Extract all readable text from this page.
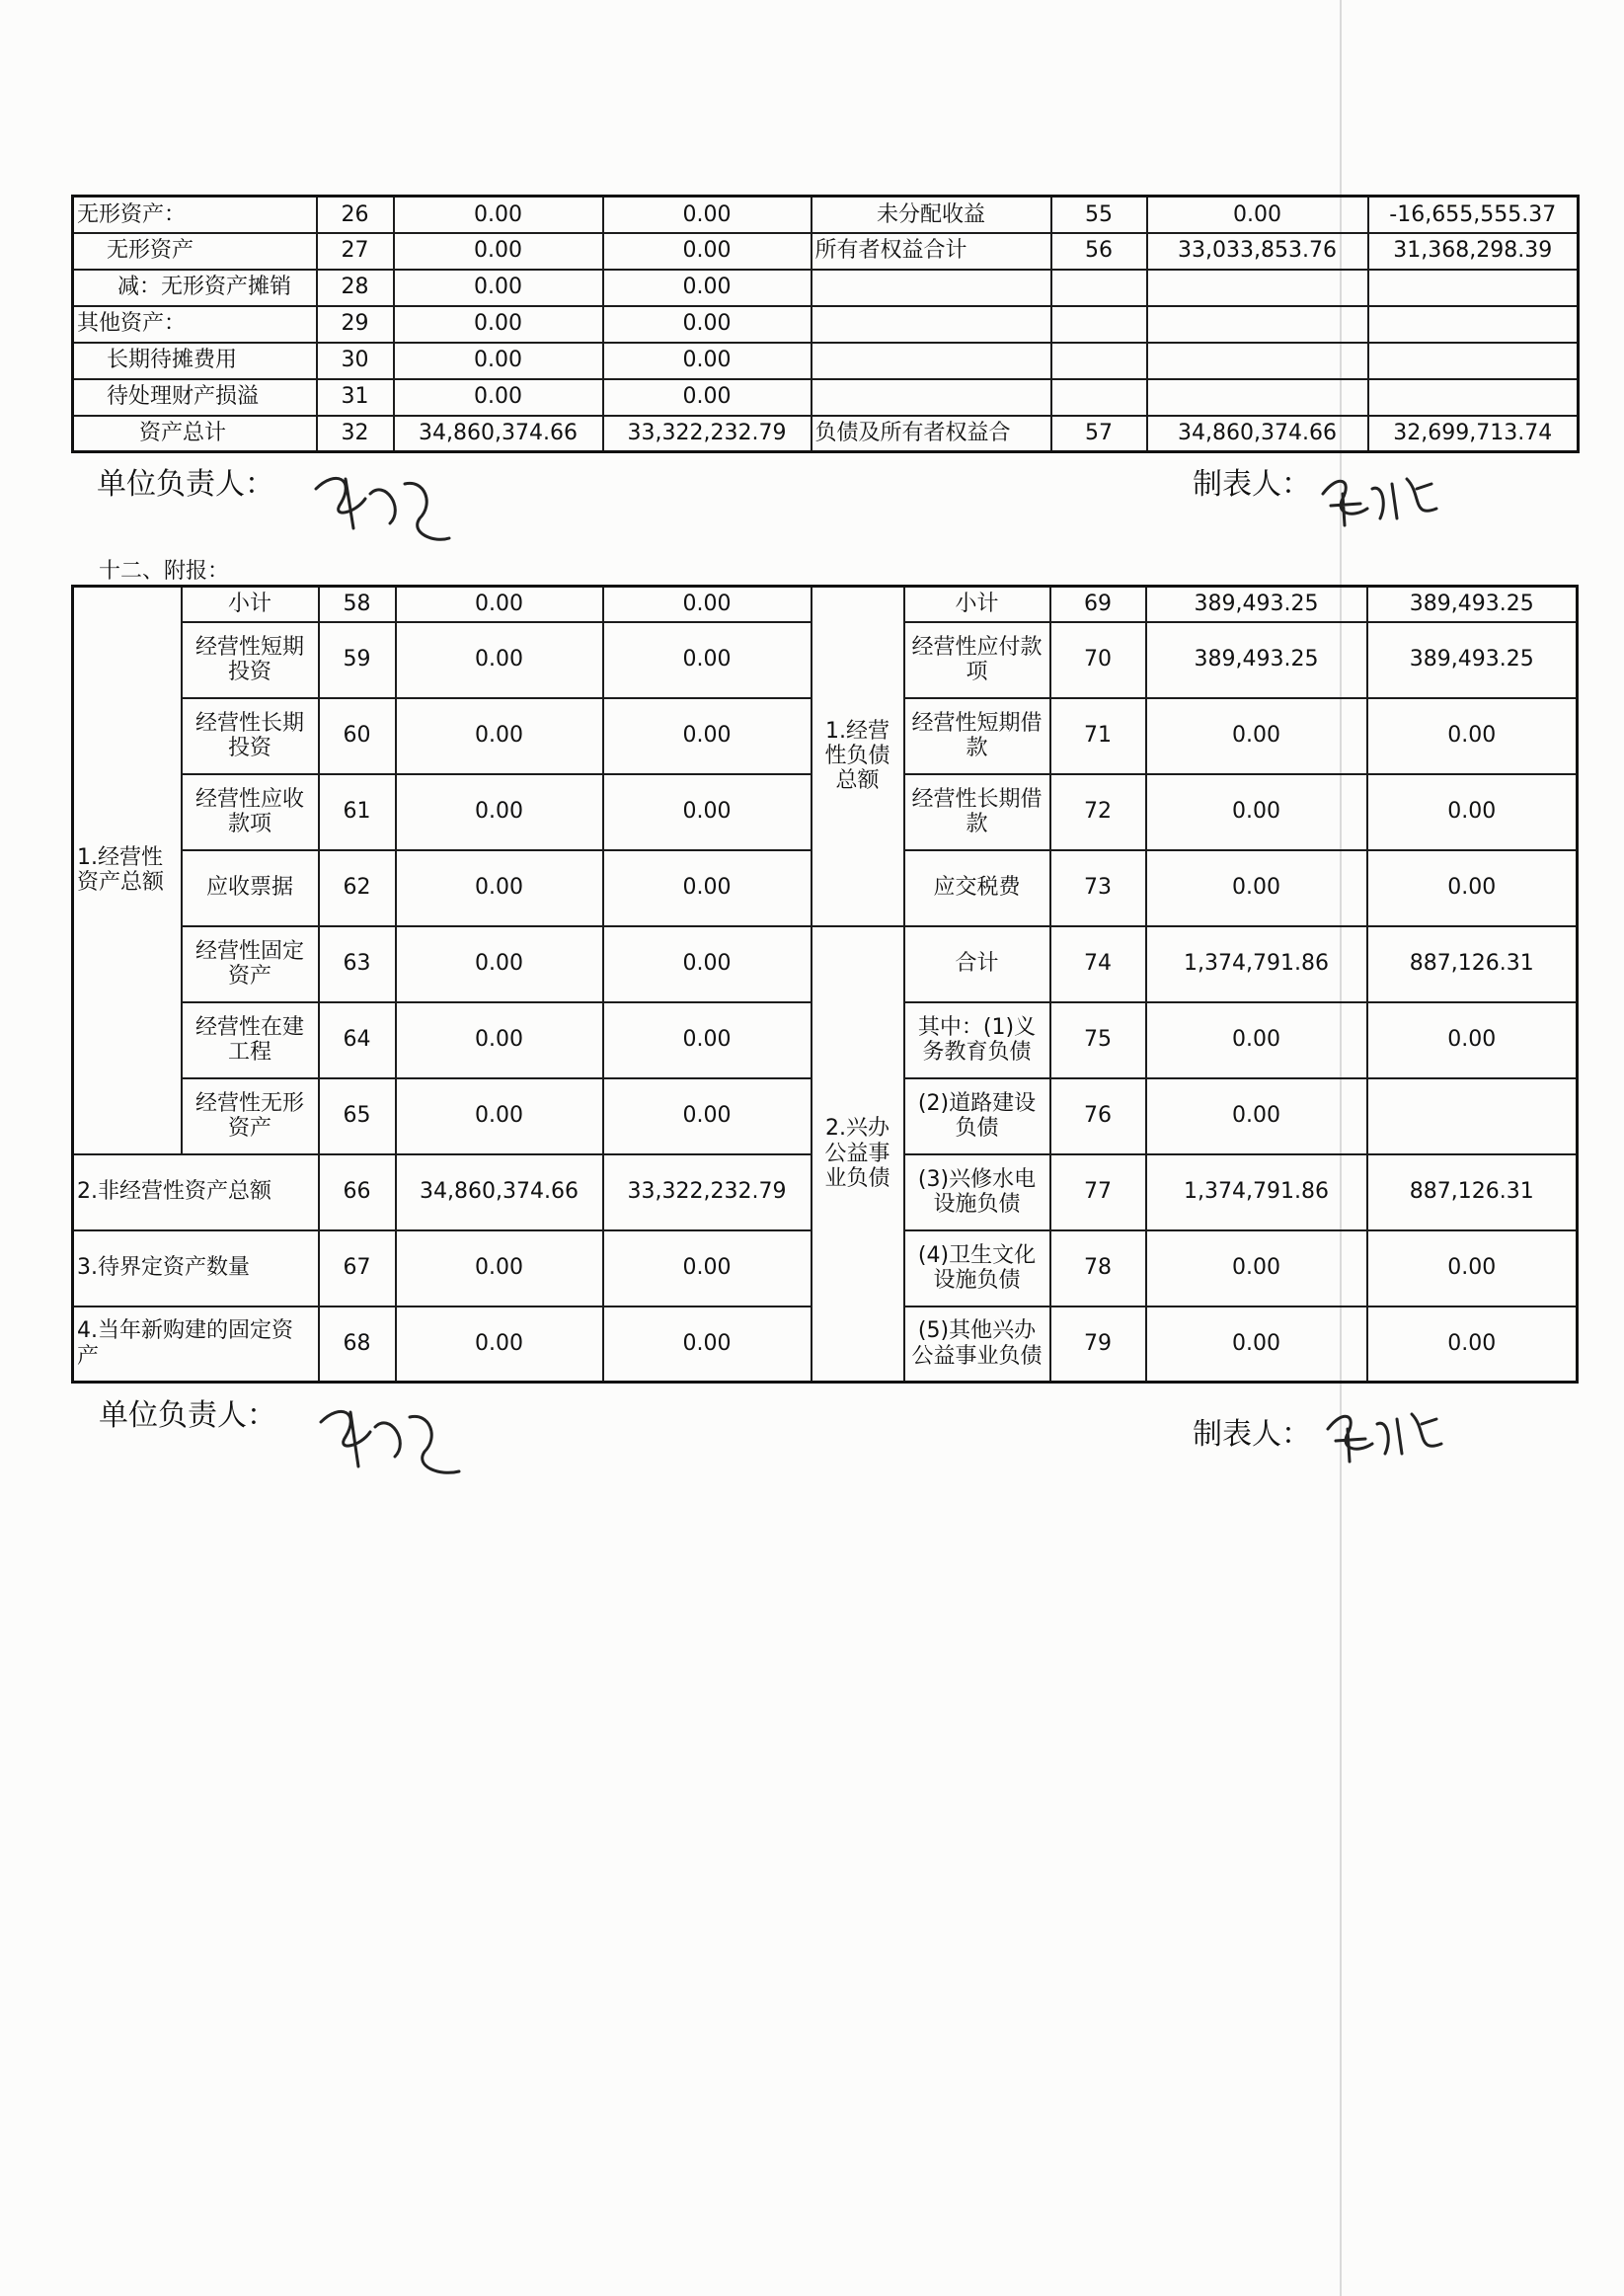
无形资产：	26	0.00	0.00	未分配收益	55	0.00	-16,655,555.37
无形资产	27	0.00	0.00	所有者权益合计	56	33,033,853.76	31,368,298.39
减：无形资产摊销	28	0.00	0.00				
其他资产：	29	0.00	0.00				
长期待摊费用	30	0.00	0.00				
待处理财产损溢	31	0.00	0.00				
资产总计	32	34,860,374.66	33,322,232.79	负债及所有者权益合	57	34,860,374.66	32,699,713.74
单位负责人：	制表人：
十二、附报：
1.经营性资产总额	小计	58	0.00	0.00	1.经营性负债总额	小计	69	389,493.25	389,493.25
	经营性短期投资	59	0.00	0.00		经营性应付款项	70	389,493.25	389,493.25
	经营性长期投资	60	0.00	0.00		经营性短期借款	71	0.00	0.00
	经营性应收款项	61	0.00	0.00		经营性长期借款	72	0.00	0.00
	应收票据	62	0.00	0.00		应交税费	73	0.00	0.00
	经营性固定资产	63	0.00	0.00	2.兴办公益事业负债	合计	74	1,374,791.86	887,126.31
	经营性在建工程	64	0.00	0.00		其中：(1)义务教育负债	75	0.00	0.00
	经营性无形资产	65	0.00	0.00		(2)道路建设负债	76	0.00	
2.非经营性资产总额		66	34,860,374.66	33,322,232.79		(3)兴修水电设施负债	77	1,374,791.86	887,126.31
3.待界定资产数量		67	0.00	0.00		(4)卫生文化设施负债	78	0.00	0.00
4.当年新购建的固定资产		68	0.00	0.00		(5)其他兴办公益事业负债	79	0.00	0.00
单位负责人：
制表人：
